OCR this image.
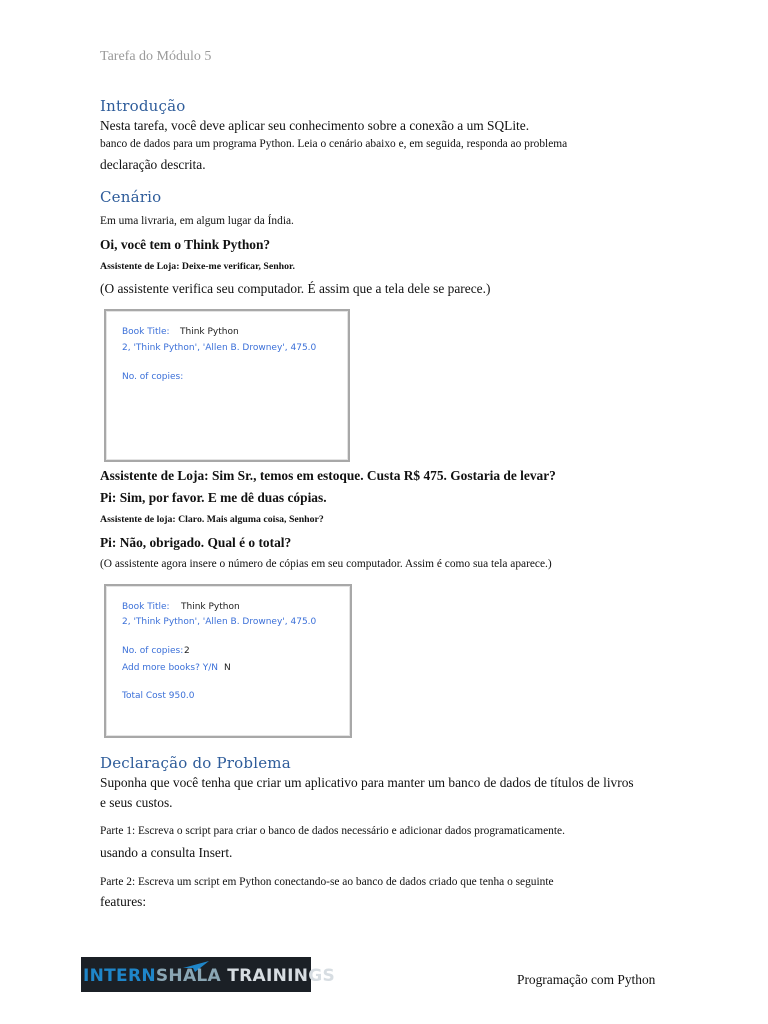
Tarefa do Módulo 5
Introdução
Nesta tarefa, você deve aplicar seu conhecimento sobre a conexão a um SQLite.
banco de dados para um programa Python. Leia o cenário abaixo e, em seguida, responda ao problema
declaração descrita.
Cenário
Em uma livraria, em algum lugar da Índia.
Oi, você tem o Think Python?
Assistente de Loja: Deixe-me verificar, Senhor.
(O assistente verifica seu computador. É assim que a tela dele se parece.)
Book Title: Think Python
2, 'Think Python', 'Allen B. Drowney', 475.0
No. of copies:
Assistente de Loja: Sim Sr., temos em estoque. Custa R$ 475. Gostaria de levar?
Pi: Sim, por favor. E me dê duas cópias.
Assistente de loja: Claro. Mais alguma coisa, Senhor?
Pi: Não, obrigado. Qual é o total?
(O assistente agora insere o número de cópias em seu computador. Assim é como sua tela aparece.)
Book Title: Think Python
2, 'Think Python', 'Allen B. Drowney', 475.0
No. of copies: 2
Add more books? Y/N N
Total Cost 950.0
Declaração do Problema
Suponha que você tenha que criar um aplicativo para manter um banco de dados de títulos de livros
e seus custos.
Parte 1: Escreva o script para criar o banco de dados necessário e adicionar dados programaticamente.
usando a consulta Insert.
Parte 2: Escreva um script em Python conectando-se ao banco de dados criado que tenha o seguinte
features:
INTERNSHALA TRAININGS	Programação com Python
